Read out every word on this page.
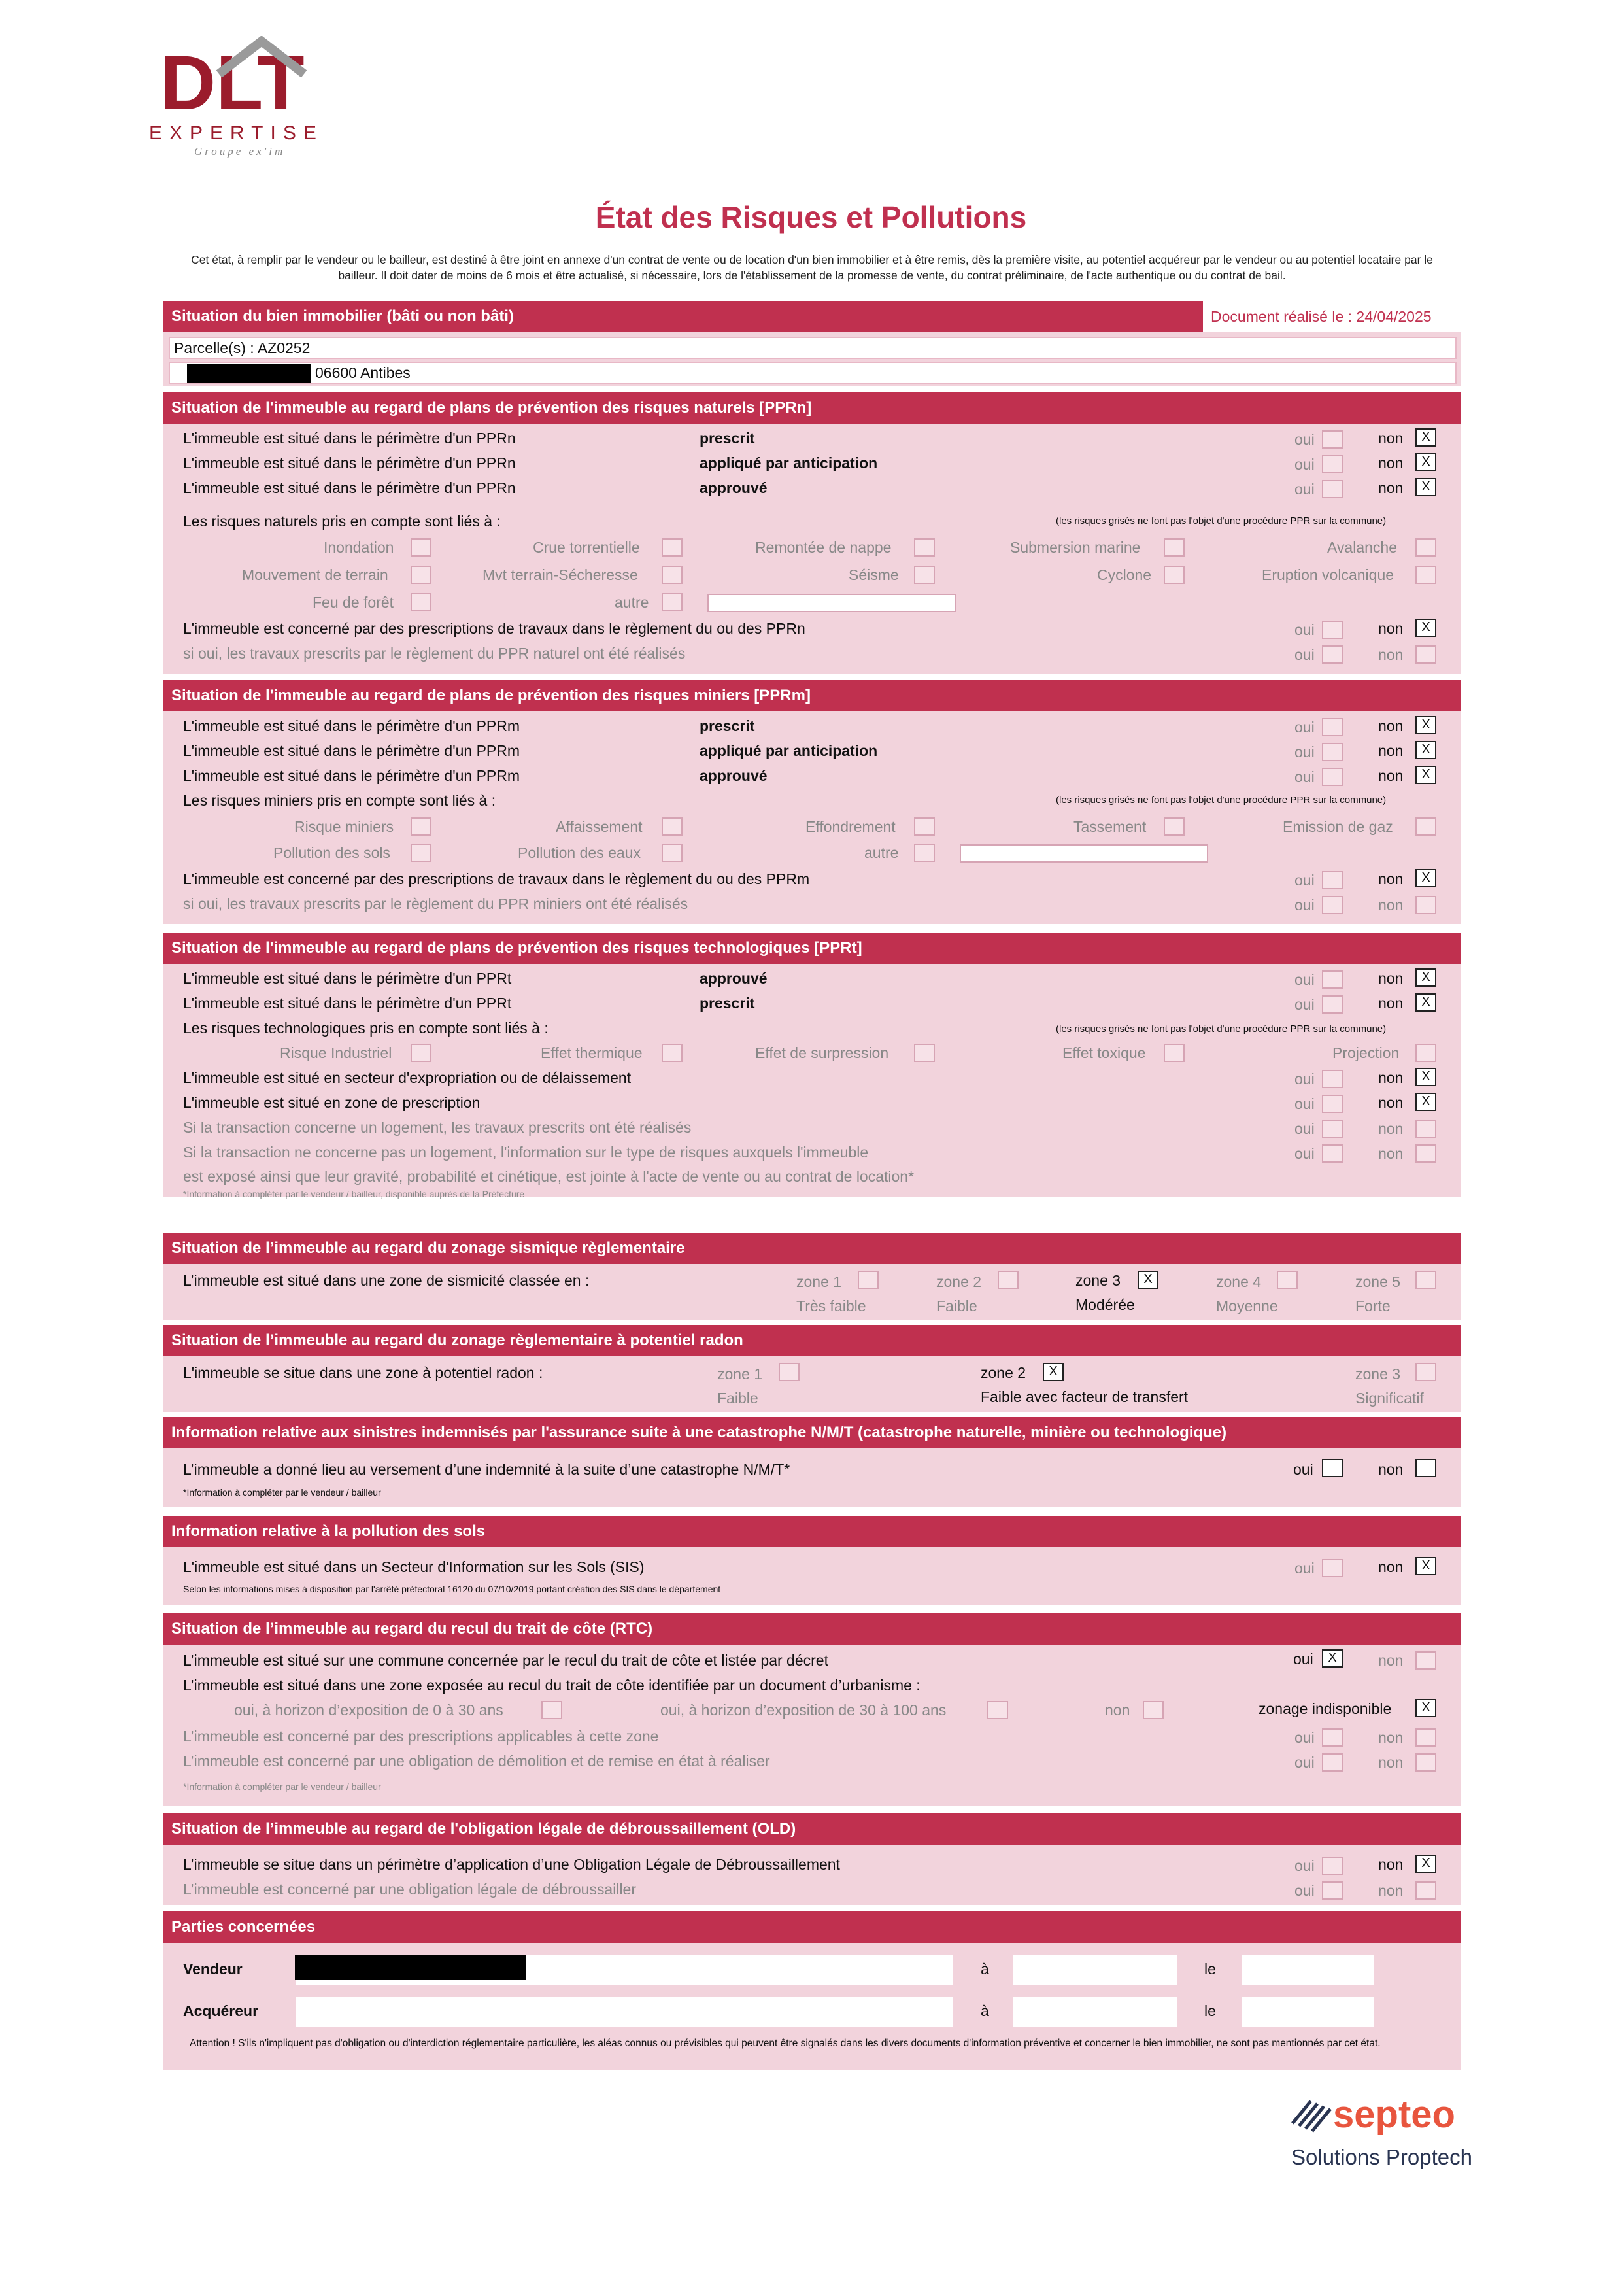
DLT
EXPERTISE
Groupe ex'im
État des Risques et Pollutions
Cet état, à remplir par le vendeur ou le bailleur, est destiné à être joint en annexe d'un contrat de vente ou de location d'un bien immobilier et à être remis, dès la première visite, au potentiel acquéreur par le vendeur ou au potentiel locataire par le bailleur. Il doit dater de moins de 6 mois et être actualisé, si nécessaire, lors de l'établissement de la promesse de vente, du contrat préliminaire, de l'acte authentique ou du contrat de bail.
Situation du bien immobilier (bâti ou non bâti)	Document réalisé le : 24/04/2025
Parcelle(s) : AZ0252
06600 Antibes
Situation de l'immeuble au regard de plans de prévention des risques naturels [PPRn]
L'immeuble est situé dans le périmètre d'un PPRn	prescrit	oui	non	X
L'immeuble est situé dans le périmètre d'un PPRn	appliqué par anticipation	oui	non	X
L'immeuble est situé dans le périmètre d'un PPRn	approuvé	oui	non	X
Les risques naturels pris en compte sont liés à :	(les risques grisés ne font pas l'objet d'une procédure PPR sur la commune)
Inondation	Crue torrentielle	Remontée de nappe	Submersion marine	Avalanche
Mouvement de terrain	Mvt terrain-Sécheresse	Séisme	Cyclone	Eruption volcanique
Feu de forêt	autre
L'immeuble est concerné par des prescriptions de travaux dans le règlement du ou des PPRn	oui	non	X
si oui, les travaux prescrits par le règlement du PPR naturel ont été réalisés	oui	non
Situation de l'immeuble au regard de plans de prévention des risques miniers [PPRm]
L'immeuble est situé dans le périmètre d'un PPRm	prescrit	oui	non	X
L'immeuble est situé dans le périmètre d'un PPRm	appliqué par anticipation	oui	non	X
L'immeuble est situé dans le périmètre d'un PPRm	approuvé	oui	non	X
Les risques miniers pris en compte sont liés à :	(les risques grisés ne font pas l'objet d'une procédure PPR sur la commune)
Risque miniers	Affaissement	Effondrement	Tassement	Emission de gaz
Pollution des sols	Pollution des eaux	autre
L'immeuble est concerné par des prescriptions de travaux dans le règlement du ou des PPRm	oui	non	X
si oui, les travaux prescrits par le règlement du PPR miniers ont été réalisés	oui	non
Situation de l'immeuble au regard de plans de prévention des risques technologiques [PPRt]
L'immeuble est situé dans le périmètre d'un PPRt	approuvé	oui	non	X
L'immeuble est situé dans le périmètre d'un PPRt	prescrit	oui	non	X
Les risques technologiques pris en compte sont liés à :	(les risques grisés ne font pas l'objet d'une procédure PPR sur la commune)
Risque Industriel	Effet thermique	Effet de surpression	Effet toxique	Projection
L'immeuble est situé en secteur d'expropriation ou de délaissement	oui	non	X
L'immeuble est situé en zone de prescription	oui	non	X
Si la transaction concerne un logement, les travaux prescrits ont été réalisés	oui	non
Si la transaction ne concerne pas un logement, l'information sur le type de risques auxquels l'immeuble	oui	non
est exposé ainsi que leur gravité, probabilité et cinétique, est jointe à l'acte de vente ou au contrat de location*
*Information à compléter par le vendeur / bailleur, disponible auprès de la Préfecture
Situation de l’immeuble au regard du zonage sismique règlementaire
L’immeuble est situé dans une zone de sismicité classée en :	zone 1
Très faible
zone 2
Faible
zone 3	X
Modérée
zone 4
Moyenne
zone 5
Forte
Situation de l’immeuble au regard du zonage règlementaire à potentiel radon
L'immeuble se situe dans une zone à potentiel radon :	zone 1
Faible
zone 2	X
Faible avec facteur de transfert
zone 3
Significatif
Information relative aux sinistres indemnisés par l'assurance suite à une catastrophe N/M/T (catastrophe naturelle, minière ou technologique)
L’immeuble a donné lieu au versement d’une indemnité à la suite d’une catastrophe N/M/T*	oui	non
*Information à compléter par le vendeur / bailleur
Information relative à la pollution des sols
L'immeuble est situé dans un Secteur d'Information sur les Sols (SIS)	oui	non	X
Selon les informations mises à disposition par l'arrêté préfectoral 16120 du 07/10/2019 portant création des SIS dans le département
Situation de l’immeuble au regard du recul du trait de côte (RTC)
L’immeuble est situé sur une commune concernée par le recul du trait de côte et listée par décret	oui	X	non
L’immeuble est situé dans une zone exposée au recul du trait de côte identifiée par un document d’urbanisme :
oui, à horizon d’exposition de 0 à 30 ans	oui, à horizon d’exposition de 30 à 100 ans	non	zonage indisponible	X
L’immeuble est concerné par des prescriptions applicables à cette zone	oui	non
L’immeuble est concerné par une obligation de démolition et de remise en état à réaliser	oui	non
*Information à compléter par le vendeur / bailleur
Situation de l’immeuble au regard de l'obligation légale de débroussaillement (OLD)
L’immeuble se situe dans un périmètre d’application d’une Obligation Légale de Débroussaillement	oui	non	X
L’immeuble est concerné par une obligation légale de débroussailler	oui	non
Parties concernées
Vendeur	à	le
Acquéreur	à	le
Attention ! S'ils n'impliquent pas d'obligation ou d'interdiction réglementaire particulière, les aléas connus ou prévisibles qui peuvent être signalés dans les divers documents d'information préventive et concerner le bien immobilier, ne sont pas mentionnés par cet état.
septeo
Solutions Proptech
